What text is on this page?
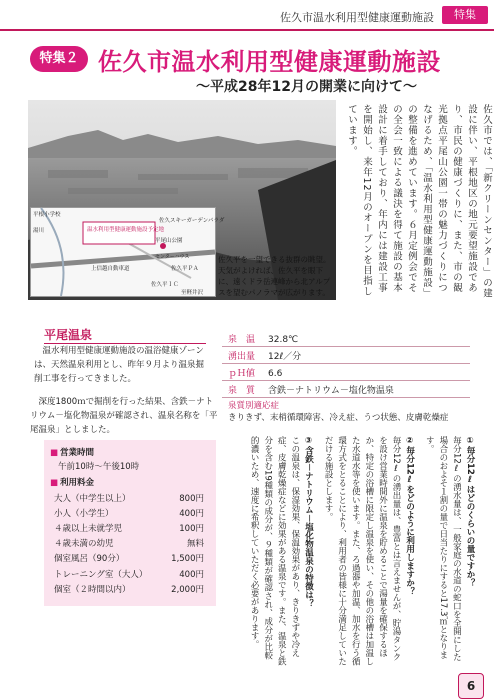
佐久市温水利用型健康運動施設	特集
特集２ 佐久市温水利用型健康運動施設
～平成28年12月の開業に向けて～
平根小学校
湯川	温水利用型健康運動施設予定地
佐久スキーガーデンパラダ
平尾山公園
上信越自動車道	佐久平ＰＡ
センターハウス
佐久平ＩＣ
至軽井沢
佐久平を一望できる抜群の眺望。天気がよければ、佐久平を眼下に、遠くドラ岳連峰から北アルプスを望むパノラマが広がります。	佐久市では、「新クリーンセンター」の建設に伴い、平根地区の地元要望施設であり、市民の健康づくりに、また、市の観光拠点平尾山公園一帯の魅力づくりにつなげるため、「温水利用型健康運動施設」の整備を進めています。６月定例会でその全会一致による議決を得て施設の基本設計に着手しており、年内には建設工事を開始し、来年12月のオープンを目指しています。
平尾温泉
温水利用型健康運動施設の温浴健康ゾーンは、天然温泉利用とし、昨年９月より温泉掘削工事を行ってきました。
深度1800ｍで掘削を行った結果、含鉄－ナトリウム－塩化物温泉が確認され、温泉名称を「平尾温泉」としました。
泉　温 32.8℃
湧出量 12ℓ／分
ｐＨ値 6.6
泉　質 含鉄－ナトリウム－塩化物温泉
泉質別適応症
きりきず、末梢循環障害、冷え症、うつ状態、皮膚乾燥症
■ 営業時間
午前10時～午後10時
■ 利用料金
大人（中学生以上）	800円
小人（小学生）	400円
４歳以上未就学児	100円
４歳未満の幼児	無料
個室風呂（90分）	1,500円
トレーニング室（大人）	400円
個室（２時間以内）	2,000円
①毎分12ℓはどのくらいの量ですか？
毎分12ℓの湧水量は、一般家庭の水道の蛇口を全開にした場合のおよそ１割の量で日当たりにすると17.3㎥となります。
②毎分12ℓをどのように利用しますか？
毎分12ℓの湧出量は、豊富とは言えませんが、貯湯タンクを設け営業時間外に温泉を貯めることで湯量を確保するほか、特定の浴槽に限定し温泉を使い、その他の浴槽は加温した水道水等を使います。また、ろ過器や加温、加水を行う循環方式をとることにより、利用者の皆様に十分満足していただける施設とします。
③含鉄－ナトリウム－塩化物温泉の特徴は？
この温泉は、保湿効果、保温効果があり、きりきずや冷え症、皮膚乾燥症などに効果がある温泉です。また、温泉と鉄分を含む19種類の成分が、９種類が確認され、成分が比較的濃いため、速度に希釈していただく必要があります。
6
